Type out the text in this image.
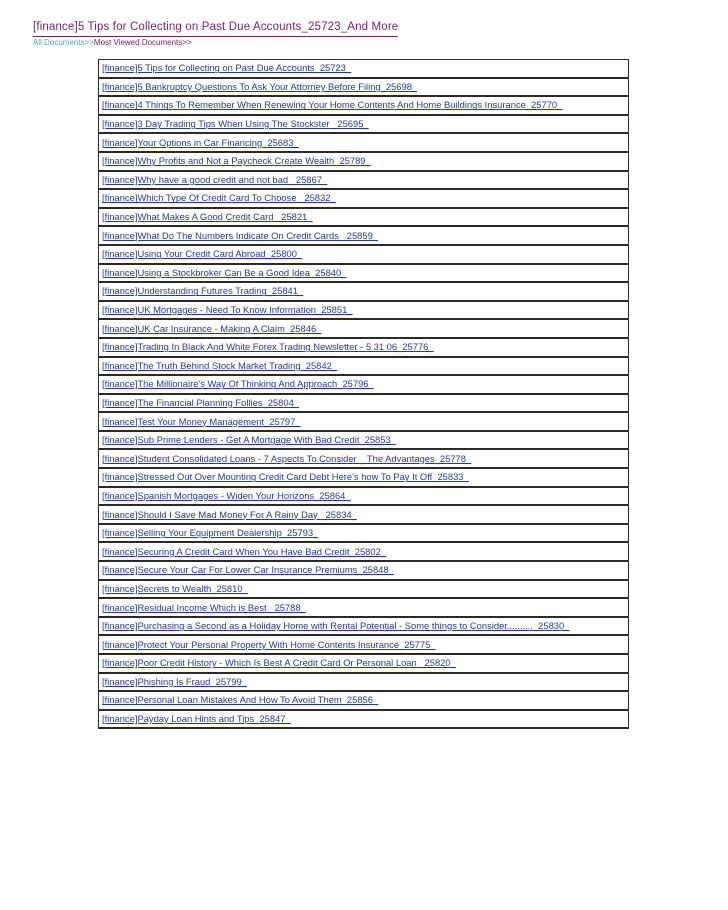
[finance]5 Tips for Collecting on Past Due Accounts_25723_And More
All Documents>>Most Viewed Documents>>
[finance]5 Tips for Collecting on Past Due Accounts_25723_
[finance]5 Bankruptcy Questions To Ask Your Attorney Before Filing_25698_
[finance]4 Things To Remember When Renewing Your Home Contents And Home Buildings Insurance_25770_
[finance]3 Day Trading Tips When Using The Stockster _25695_
[finance]Your Options in Car Financing_25683_
[finance]Why Profits and Not a Paycheck Create Wealth_25789_
[finance]Why have a good credit and not bad _25867_
[finance]Which Type Of Credit Card To Choose _25832_
[finance]What Makes A Good Credit Card _25821_
[finance]What Do The Numbers Indicate On Credit Cards _25859_
[finance]Using Your Credit Card Abroad_25800_
[finance]Using a Stockbroker Can Be a Good Idea_25840_
[finance]Understanding Futures Trading_25841_
[finance]UK Mortgages - Need To Know Information_25851_
[finance]UK Car Insurance - Making A Claim_25846_
[finance]Trading In Black And White Forex Trading Newsletter - 5 31 06_25776_
[finance]The Truth Behind Stock Market Trading_25842_
[finance]The Millionaire's Way Of Thinking And Approach_25796_
[finance]The Financial Planning Follies_25804_
[finance]Test Your Money Management_25797_
[finance]Sub Prime Lenders - Get A Mortgage With Bad Credit_25853_
[finance]Student Consolidated Loans - 7 Aspects To Consider _ The Advantages_25778_
[finance]Stressed Out Over Mounting Credit Card Debt Here's how To Pay It Off_25833_
[finance]Spanish Mortgages - Widen Your Horizons_25864_
[finance]Should I Save Mad Money For A Rainy Day _25834_
[finance]Selling Your Equipment Dealership_25793_
[finance]Securing A Credit Card When You Have Bad Credit_25802_
[finance]Secure Your Car For Lower Car Insurance Premiums_25848_
[finance]Secrets to Wealth_25810_
[finance]Residual Income Which is Best _25788_
[finance]Purchasing a Second as a Holiday Home with Rental Potential - Some things to Consider.........._25830_
[finance]Protect Your Personal Property With Home Contents Insurance_25775_
[finance]Poor Credit History - Which Is Best A Credit Card Or Personal Loan _25820_
[finance]Phishing Is Fraud_25799_
[finance]Personal Loan Mistakes And How To Avoid Them_25856_
[finance]Payday Loan Hints and Tips_25847_
